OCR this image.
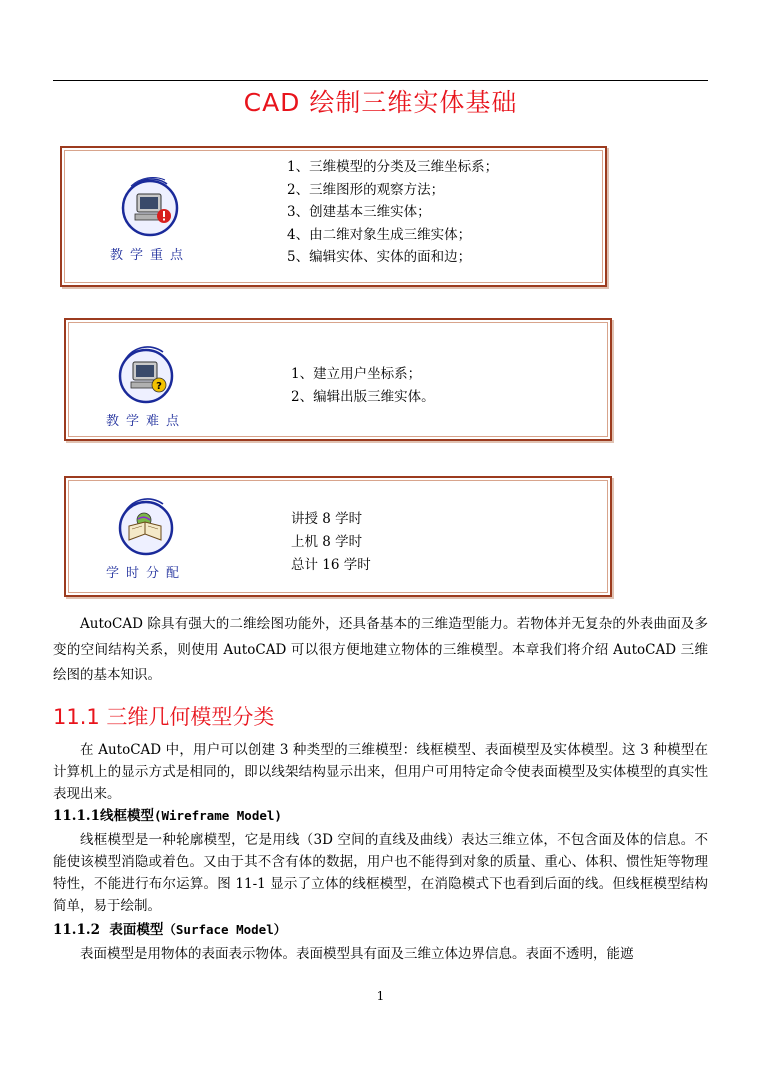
CAD 绘制三维实体基础
教学重点
1、三维模型的分类及三维坐标系；
2、三维图形的观察方法；
3、创建基本三维实体；
4、由二维对象生成三维实体；
5、编辑实体、实体的面和边；
?
教学难点
1、建立用户坐标系；
2、编辑出版三维实体。
学时分配
讲授 8 学时
上机 8 学时
总计 16 学时
AutoCAD 除具有强大的二维绘图功能外，还具备基本的三维造型能力。若物体并无复杂的外表曲面及多变的空间结构关系，则使用 AutoCAD 可以很方便地建立物体的三维模型。本章我们将介绍 AutoCAD 三维绘图的基本知识。
11.1 三维几何模型分类
在 AutoCAD 中，用户可以创建 3 种类型的三维模型：线框模型、表面模型及实体模型。这 3 种模型在计算机上的显示方式是相同的，即以线架结构显示出来，但用户可用特定命令使表面模型及实体模型的真实性表现出来。
11.1.1线框模型(Wireframe Model)
线框模型是一种轮廓模型，它是用线（3D 空间的直线及曲线）表达三维立体，不包含面及体的信息。不能使该模型消隐或着色。又由于其不含有体的数据，用户也不能得到对象的质量、重心、体积、惯性矩等物理特性，不能进行布尔运算。图 11-1 显示了立体的线框模型，在消隐模式下也看到后面的线。但线框模型结构简单，易于绘制。
11.1.2 表面模型（Surface Model）
表面模型是用物体的表面表示物体。表面模型具有面及三维立体边界信息。表面不透明，能遮
1
